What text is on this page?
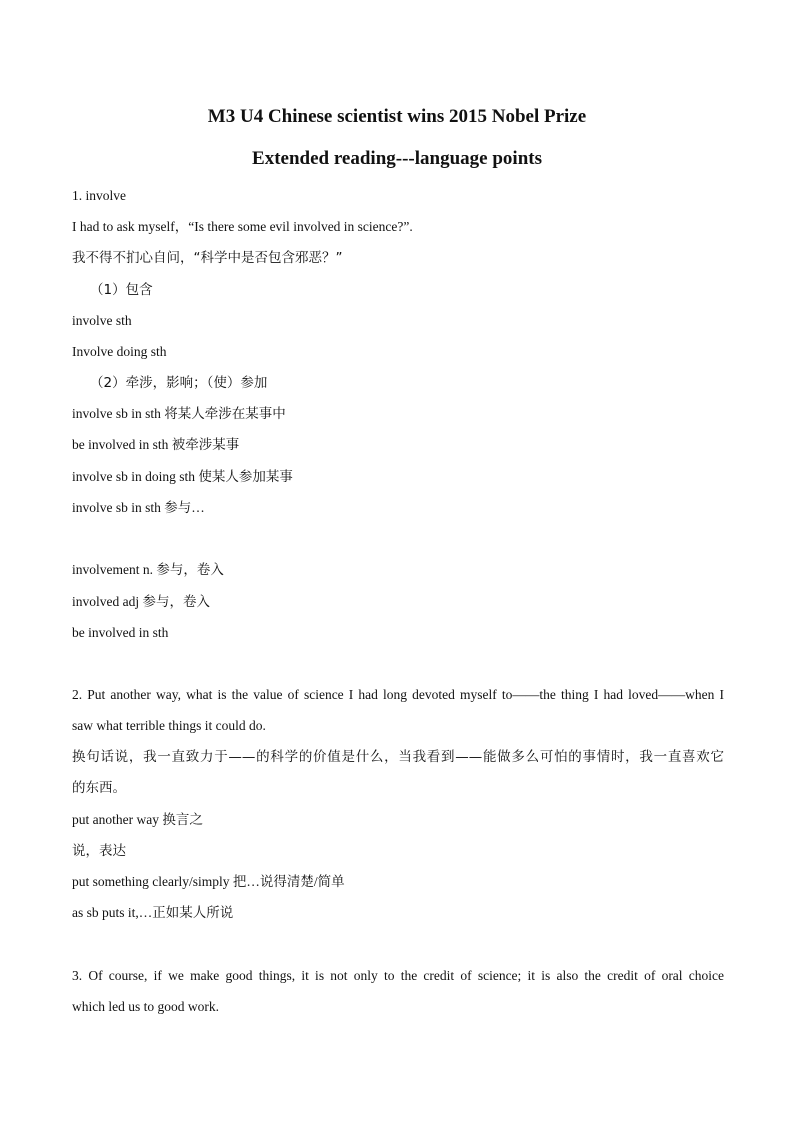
M3 U4 Chinese scientist wins 2015 Nobel Prize
Extended reading---language points
1. involve
I had to ask myself，“Is there some evil involved in science?”.
我不得不扪心自问，“科学中是否包含邪恶？”
（1）包含
involve sth
Involve doing sth
（2）牵涉，影响；（使）参加
involve sb in sth 将某人牵涉在某事中
be involved in sth 被牵涉某事
involve sb in doing sth 使某人参加某事
involve sb in sth 参与…
involvement n. 参与，卷入
involved adj 参与，卷入
be involved in sth
2. Put another way, what is the value of science I had long devoted myself to——the thing I had loved——when I
saw what terrible things it could do.
换句话说，我一直致力于——的科学的价值是什么，当我看到——能做多么可怕的事情时，我一直喜欢它
的东西。
put another way 换言之
说，表达
put something clearly/simply 把…说得清楚/简单
as sb puts it,…正如某人所说
3. Of course, if we make good things, it is not only to the credit of science; it is also the credit of oral choice
which led us to good work.
